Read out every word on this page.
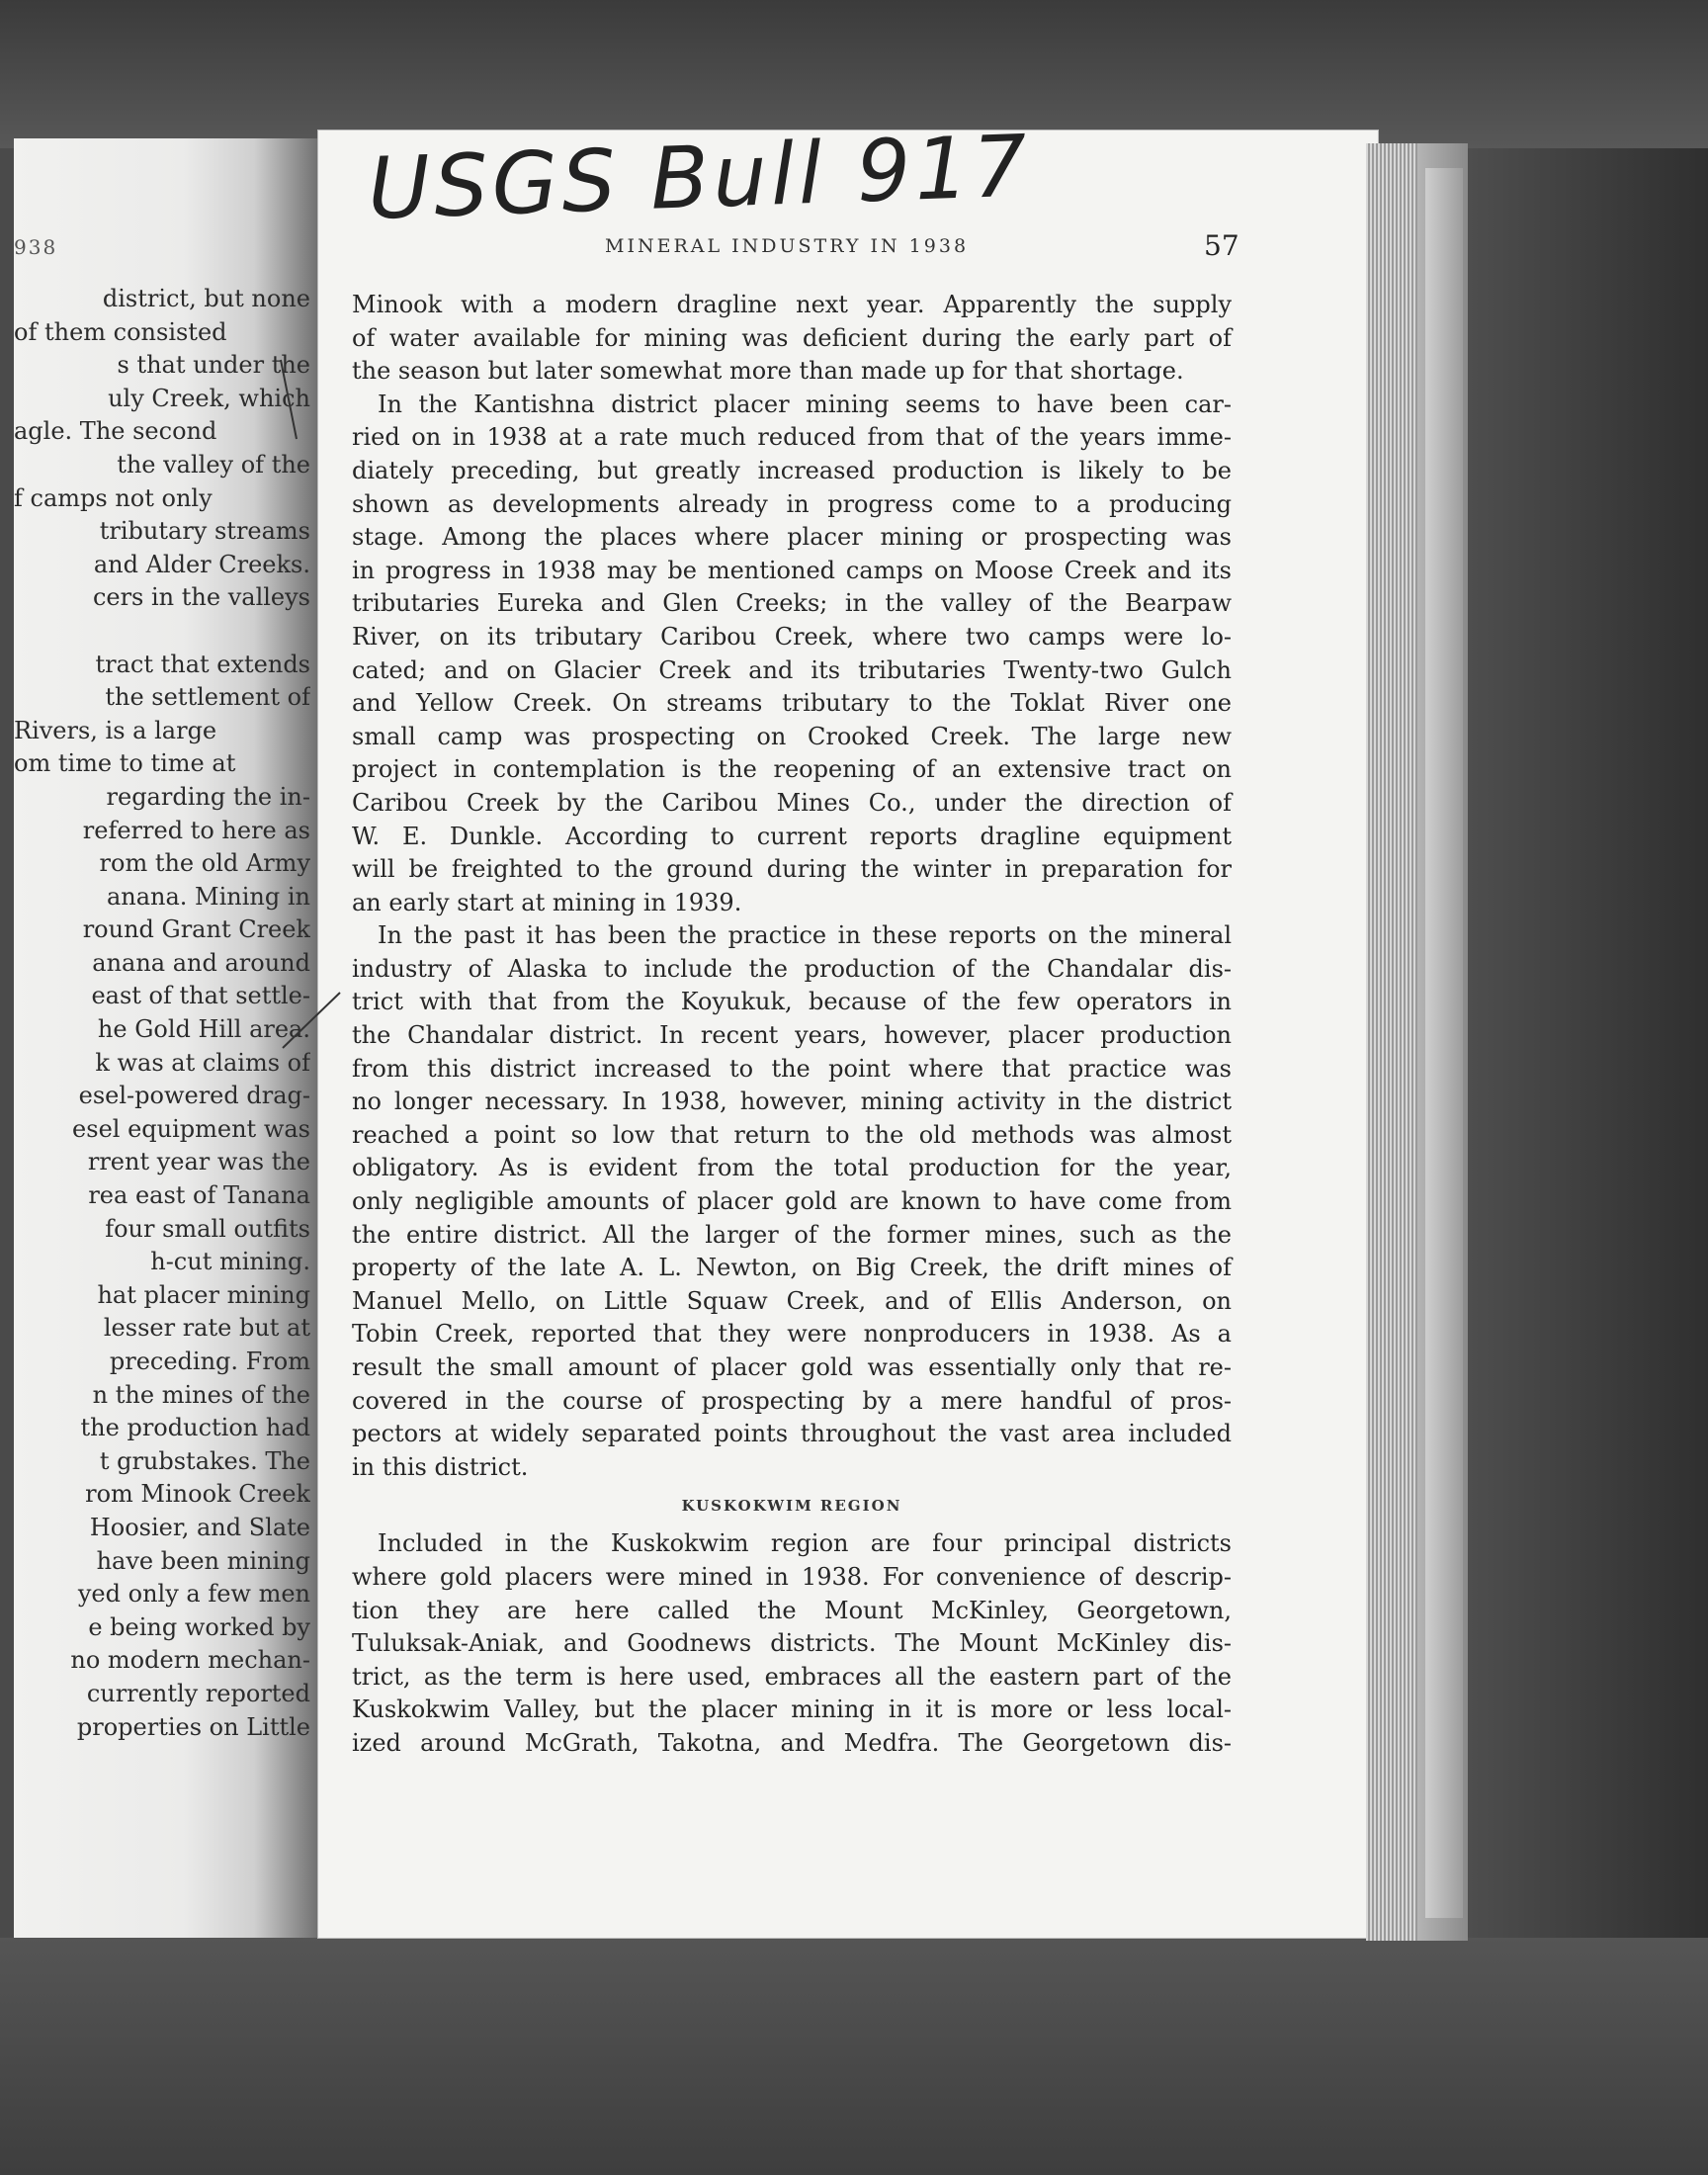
938
district, but none
of them consisted
s that under the
uly Creek, which
agle. The second
the valley of the
f camps not only
tributary streams
and Alder Creeks.
cers in the valleys
tract that extends
the settlement of
Rivers, is a large
om time to time at
regarding the in-
referred to here as
rom the old Army
anana. Mining in
round Grant Creek
anana and around
east of that settle-
he Gold Hill area.
k was at claims of
esel-powered drag-
esel equipment was
rrent year was the
rea east of Tanana
four small outfits
h-cut mining.
hat placer mining
lesser rate but at
preceding. From
n the mines of the
the production had
t grubstakes. The
rom Minook Creek
Hoosier, and Slate
have been mining
yed only a few men
e being worked by
no modern mechan-
currently reported
properties on Little
USGS Bull 917
MINERAL INDUSTRY IN 1938	57
Minook with a modern dragline next year. Apparently the supply
of water available for mining was deficient during the early part of
the season but later somewhat more than made up for that shortage.
In the Kantishna district placer mining seems to have been car-
ried on in 1938 at a rate much reduced from that of the years imme-
diately preceding, but greatly increased production is likely to be
shown as developments already in progress come to a producing
stage. Among the places where placer mining or prospecting was
in progress in 1938 may be mentioned camps on Moose Creek and its
tributaries Eureka and Glen Creeks; in the valley of the Bearpaw
River, on its tributary Caribou Creek, where two camps were lo-
cated; and on Glacier Creek and its tributaries Twenty-two Gulch
and Yellow Creek. On streams tributary to the Toklat River one
small camp was prospecting on Crooked Creek. The large new
project in contemplation is the reopening of an extensive tract on
Caribou Creek by the Caribou Mines Co., under the direction of
W. E. Dunkle. According to current reports dragline equipment
will be freighted to the ground during the winter in preparation for
an early start at mining in 1939.
In the past it has been the practice in these reports on the mineral
industry of Alaska to include the production of the Chandalar dis-
trict with that from the Koyukuk, because of the few operators in
the Chandalar district. In recent years, however, placer production
from this district increased to the point where that practice was
no longer necessary. In 1938, however, mining activity in the district
reached a point so low that return to the old methods was almost
obligatory. As is evident from the total production for the year,
only negligible amounts of placer gold are known to have come from
the entire district. All the larger of the former mines, such as the
property of the late A. L. Newton, on Big Creek, the drift mines of
Manuel Mello, on Little Squaw Creek, and of Ellis Anderson, on
Tobin Creek, reported that they were nonproducers in 1938. As a
result the small amount of placer gold was essentially only that re-
covered in the course of prospecting by a mere handful of pros-
pectors at widely separated points throughout the vast area included
in this district.
KUSKOKWIM REGION
Included in the Kuskokwim region are four principal districts
where gold placers were mined in 1938. For convenience of descrip-
tion they are here called the Mount McKinley, Georgetown,
Tuluksak-Aniak, and Goodnews districts. The Mount McKinley dis-
trict, as the term is here used, embraces all the eastern part of the
Kuskokwim Valley, but the placer mining in it is more or less local-
ized around McGrath, Takotna, and Medfra. The Georgetown dis-
